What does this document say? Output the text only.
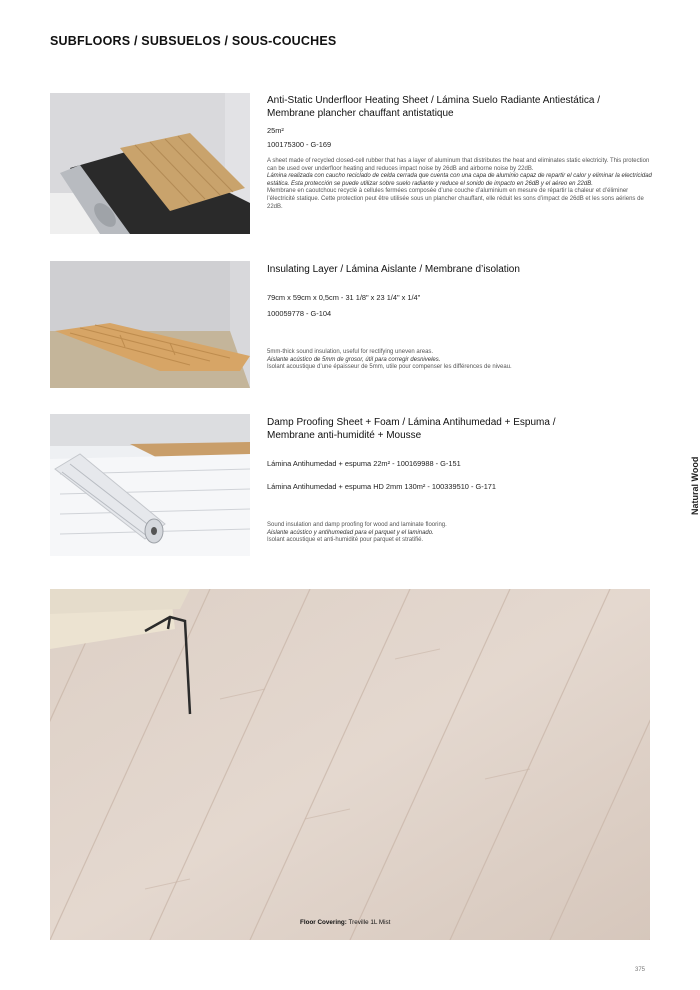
SUBFLOORS / SUBSUELOS / SOUS-COUCHES

Anti-Static Underfloor Heating Sheet / Lámina Suelo Radiante Antiestática /

Membrane plancher chauffant antistatique

25m²

100175300 - G-169

A sheet made of recycled closed-cell rubber that has a layer of aluminum that distributes the heat and eliminates static electricity. This protection can be used over underfloor heating and reduces impact noise by 26dB and airborne noise by 22dB.

Lámina realizada con caucho reciclado de celda cerrada que cuenta con una capa de aluminio capaz de repartir el calor y eliminar la electricidad estática. Esta protección se puede utilizar sobre suelo radiante y reduce el sonido de impacto en 26dB y el aéreo en 22dB.

Membrane en caoutchouc recyclé à cellules fermées composée d’une couche d’aluminium en mesure de répartir la chaleur et d’éliminer l’électricité statique. Cette protection peut être utilisée sous un plancher chauffant, elle réduit les sons d’impact de 26dB et les sons aériens de 22dB.

Insulating Layer / Lámina Aislante / Membrane d’isolation

79cm x 59cm x 0,5cm - 31 1/8" x 23 1/4" x 1/4"

100059778 - G-104

5mm-thick sound insulation, useful for rectifying uneven areas.

Aislante acústico de 5mm de grosor, útil para corregir desniveles.

Isolant acoustique d’une épaisseur de 5mm, utile pour compenser les différences de niveau.

Damp Proofing Sheet + Foam / Lámina Antihumedad + Espuma /

Membrane anti-humidité + Mousse

Lámina Antihumedad + espuma 22m² - 100169988 - G-151

Lámina Antihumedad + espuma HD 2mm 130m² - 100339510 - G-171

Sound insulation and damp proofing for wood and laminate flooring.

Aislante acústico y antihumedad para el parquet y el laminado.

Isolant acoustique et anti-humidité pour parquet et stratifié.

Natural Wood
Floor Covering: Treville 1L Mist
375
